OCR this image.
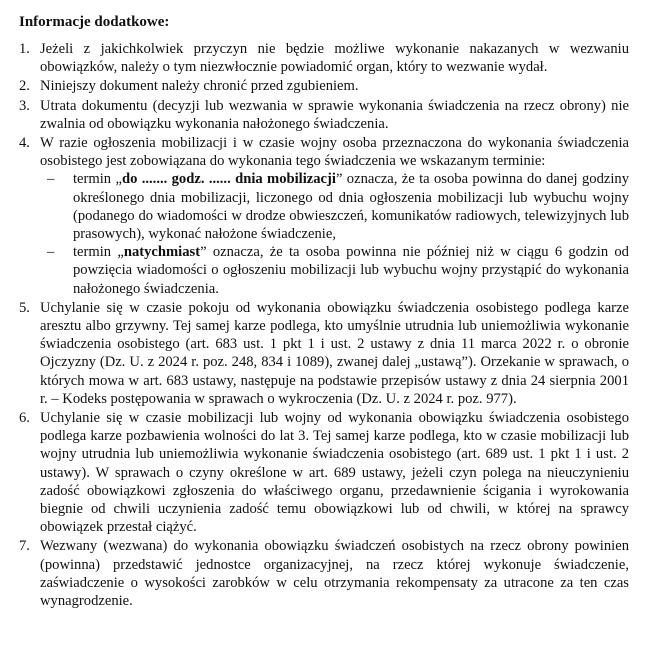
Informacje dodatkowe:
1. Jeżeli z jakichkolwiek przyczyn nie będzie możliwe wykonanie nakazanych w wezwaniu obowiązków, należy o tym niezwłocznie powiadomić organ, który to wezwanie wydał.
2. Niniejszy dokument należy chronić przed zgubieniem.
3. Utrata dokumentu (decyzji lub wezwania w sprawie wykonania świadczenia na rzecz obrony) nie zwalnia od obowiązku wykonania nałożonego świadczenia.
4. W razie ogłoszenia mobilizacji i w czasie wojny osoba przeznaczona do wykonania świadczenia osobistego jest zobowiązana do wykonania tego świadczenia we wskazanym terminie:
–	termin „do ....... godz. ...... dnia mobilizacji” oznacza, że ta osoba powinna do danej godziny określonego dnia mobilizacji, liczonego od dnia ogłoszenia mobilizacji lub wybuchu wojny (podanego do wiadomości w drodze obwieszczeń, komunikatów radiowych, telewizyjnych lub prasowych), wykonać nałożone świadczenie,
–	termin „natychmiast” oznacza, że ta osoba powinna nie później niż w ciągu 6 godzin od powzięcia wiadomości o ogłoszeniu mobilizacji lub wybuchu wojny przystąpić do wykonania nałożonego świadczenia.
5. Uchylanie się w czasie pokoju od wykonania obowiązku świadczenia osobistego podlega karze aresztu albo grzywny. Tej samej karze podlega, kto umyślnie utrudnia lub uniemożliwia wykonanie świadczenia osobistego (art. 683 ust. 1 pkt 1 i ust. 2 ustawy z dnia 11 marca 2022 r. o obronie Ojczyzny (Dz. U. z 2024 r. poz. 248, 834 i 1089), zwanej dalej „ustawą”). Orzekanie w sprawach, o których mowa w art. 683 ustawy, następuje na podstawie przepisów ustawy z dnia 24 sierpnia 2001 r. – Kodeks postępowania w sprawach o wykroczenia (Dz. U. z 2024 r. poz. 977).
6. Uchylanie się w czasie mobilizacji lub wojny od wykonania obowiązku świadczenia osobistego podlega karze pozbawienia wolności do lat 3. Tej samej karze podlega, kto w czasie mobilizacji lub wojny utrudnia lub uniemożliwia wykonanie świadczenia osobistego (art. 689 ust. 1 pkt 1 i ust. 2 ustawy). W sprawach o czyny określone w art. 689 ustawy, jeżeli czyn polega na nieuczynieniu zadość obowiązkowi zgłoszenia do właściwego organu, przedawnienie ścigania i wyrokowania biegnie od chwili uczynienia zadość temu obowiązkowi lub od chwili, w której na sprawcy obowiązek przestał ciążyć.
7. Wezwany (wezwana) do wykonania obowiązku świadczeń osobistych na rzecz obrony powinien (powinna) przedstawić jednostce organizacyjnej, na rzecz której wykonuje świadczenie, zaświadczenie o wysokości zarobków w celu otrzymania rekompensaty za utracone za ten czas wynagrodzenie.
